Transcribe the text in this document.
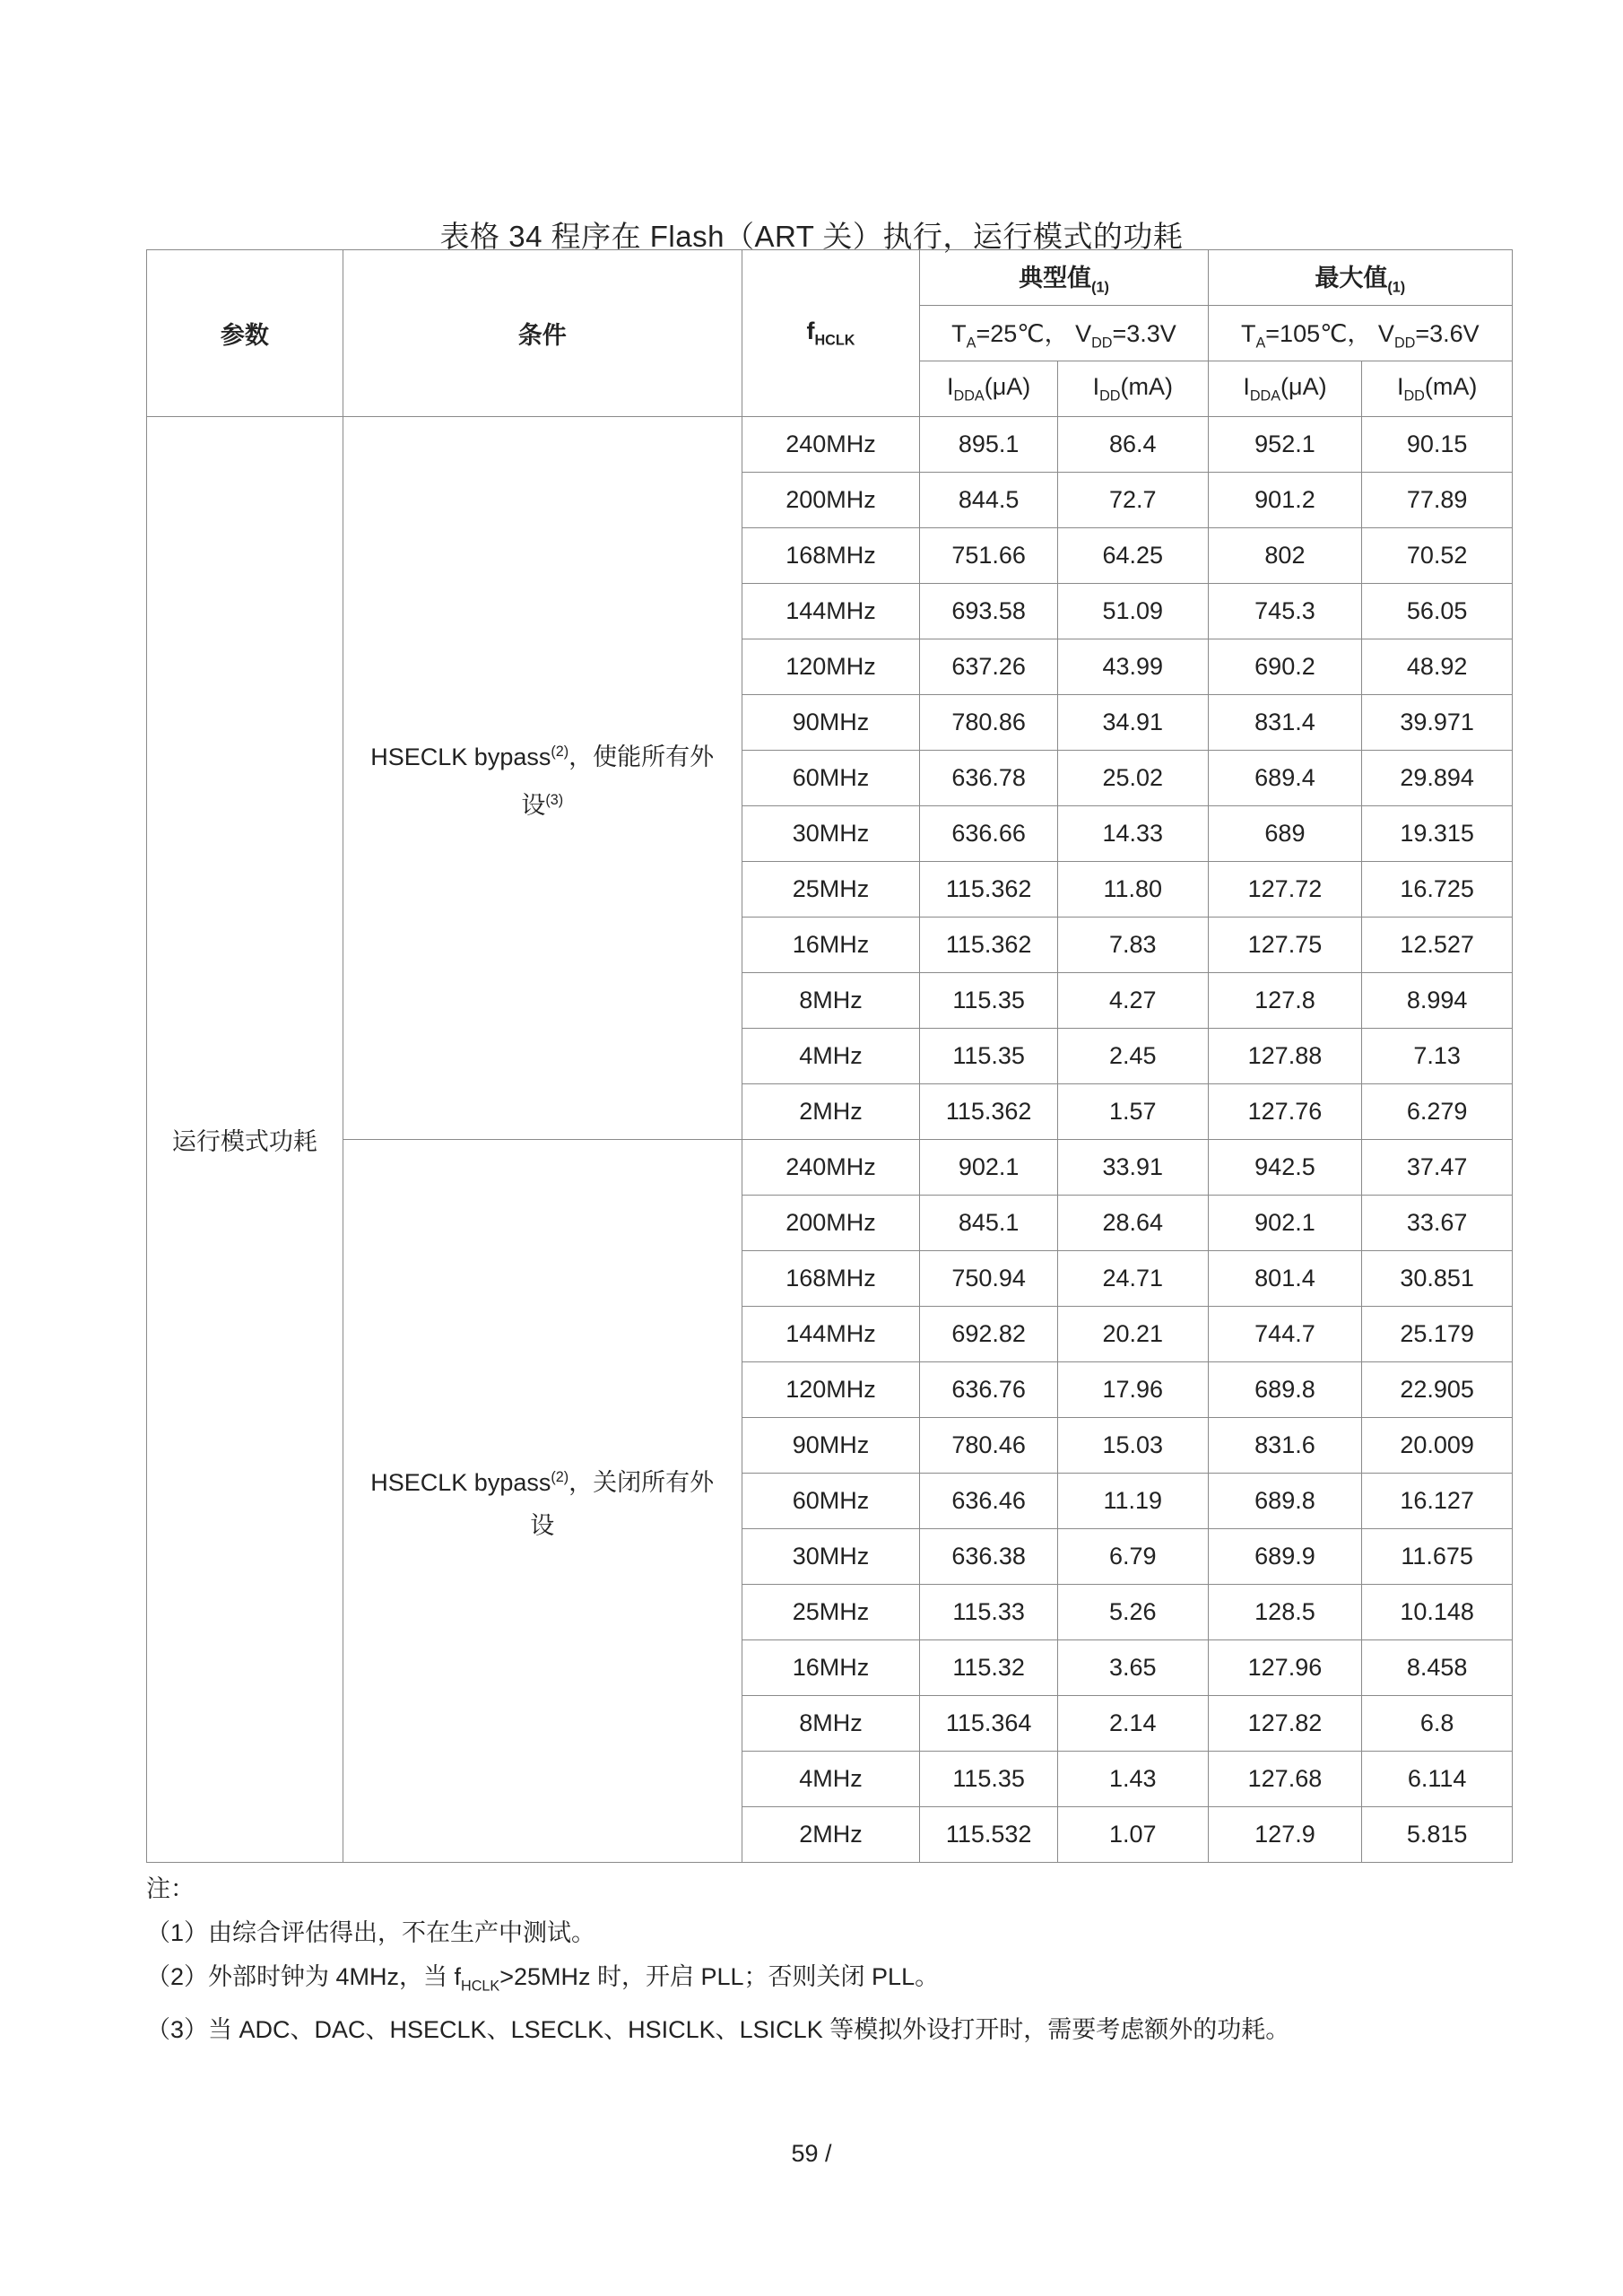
表格 34 程序在 Flash（ART 关）执行，运行模式的功耗
参数	条件	$f_{HCLK}$	典型值$_{(1)}$		最大值$_{(1)}$
			$T_A=25℃$， $V_{DD}=3.3V$		$T_A=105℃$， $V_{DD}=3.6V$	
			$I_{DDA}(\mu A)$	$I_{DD}(mA)$	$I_{DDA}(\mu A)$	$I_{DD}(mA)$
运行模式功耗	HSECLK bypass$^{(2)}$，使能所有外设$^{(3)}$	240MHz	895.1	86.4	952.1	90.15
		200MHz	844.5	72.7	901.2	77.89
		168MHz	751.66	64.25	802	70.52
		144MHz	693.58	51.09	745.3	56.05
		120MHz	637.26	43.99	690.2	48.92
		90MHz	780.86	34.91	831.4	39.971
		60MHz	636.78	25.02	689.4	29.894
		30MHz	636.66	14.33	689	19.315
		25MHz	115.362	11.80	127.72	16.725
		16MHz	115.362	7.83	127.75	12.527
		8MHz	115.35	4.27	127.8	8.994
		4MHz	115.35	2.45	127.88	7.13
		2MHz	115.362	1.57	127.76	6.279
	HSECLK bypass$^{(2)}$，关闭所有外设	240MHz	902.1	33.91	942.5	37.47
		200MHz	845.1	28.64	902.1	33.67
		168MHz	750.94	24.71	801.4	30.851
		144MHz	692.82	20.21	744.7	25.179
		120MHz	636.76	17.96	689.8	22.905
		90MHz	780.46	15.03	831.6	20.009
		60MHz	636.46	11.19	689.8	16.127
		30MHz	636.38	6.79	689.9	11.675
		25MHz	115.33	5.26	128.5	10.148
		16MHz	115.32	3.65	127.96	8.458
		8MHz	115.364	2.14	127.82	6.8
		4MHz	115.35	1.43	127.68	6.114
		2MHz	115.532	1.07	127.9	5.815
注：
（1）由综合评估得出，不在生产中测试。
（2）外部时钟为 4MHz，当 $f_{HCLK}>25MHz$ 时，开启 PLL；否则关闭 PLL。
（3）当 ADC、DAC、HSECLK、LSECLK、HSICLK、LSICLK 等模拟外设打开时，需要考虑额外的功耗。
59 /
